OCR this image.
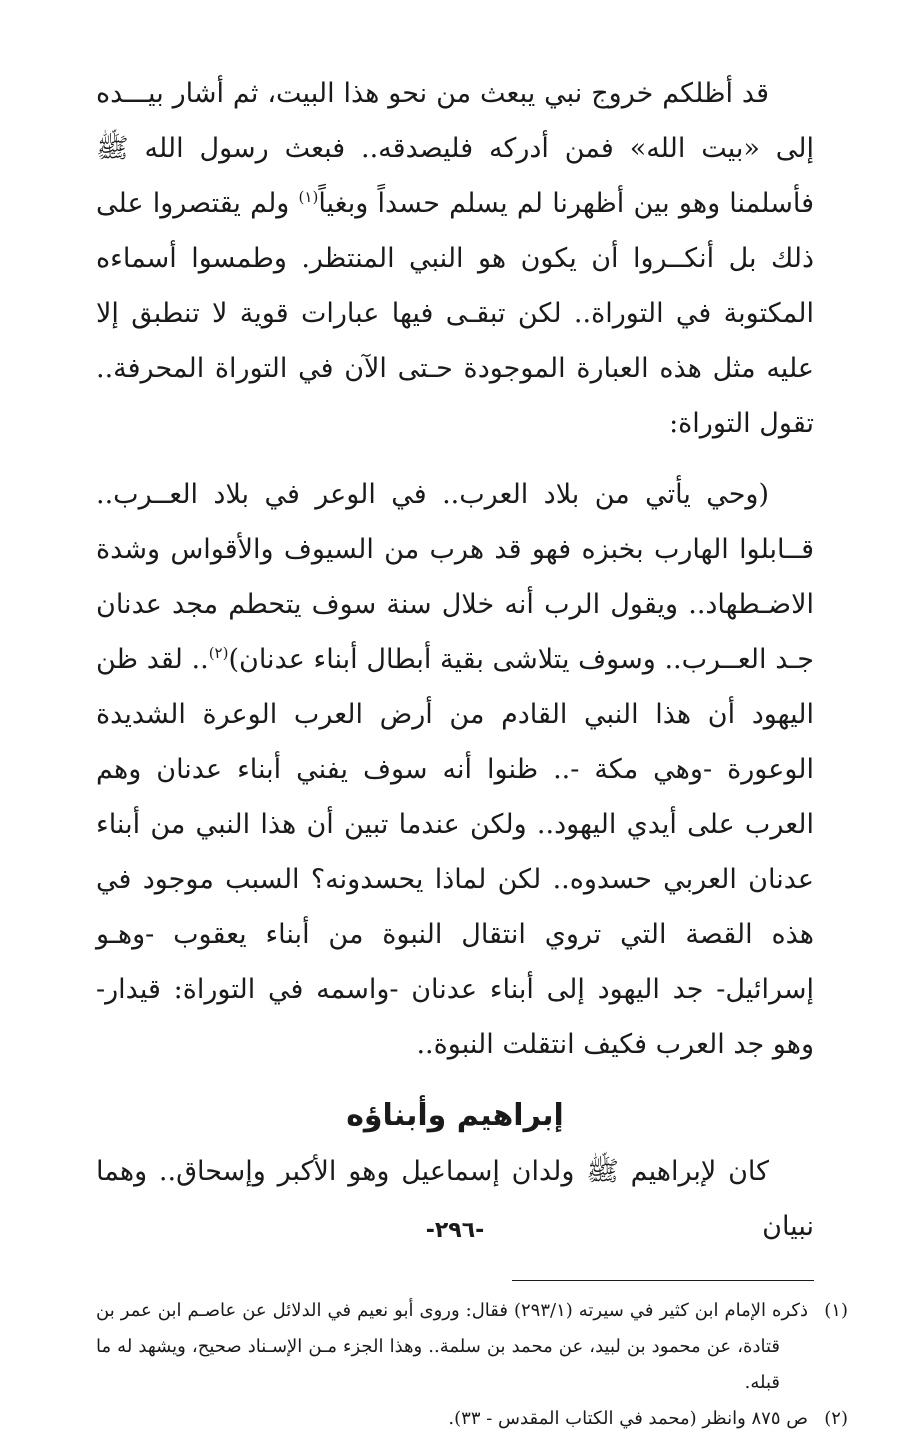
قد أظلكم خروج نبي يبعث من نحو هذا البيت، ثم أشار بيـــده إلى «بيت الله» فمن أدركه فليصدقه.. فبعث رسول الله ﷺ فأسلمنا وهو بين أظهرنا لم يسلم حسداً وبغياً$^{(١)}$ ولم يقتصروا على ذلك بل أنكــروا أن يكون هو النبي المنتظر. وطمسوا أسماءه المكتوبة في التوراة.. لكن تبقـى فيها عبارات قوية لا تنطبق إلا عليه مثل هذه العبارة الموجودة حـتى الآن في التوراة المحرفة.. تقول التوراة:

(وحي يأتي من بلاد العرب.. في الوعر في بلاد العــرب.. قــابلوا الهارب بخبزه فهو قد هرب من السيوف والأقواس وشدة الاضـطهاد.. ويقول الرب أنه خلال سنة سوف يتحطم مجد عدنان جـد العــرب.. وسوف يتلاشى بقية أبطال أبناء عدنان)$^{(٢)}$.. لقد ظن اليهود أن هذا النبي القادم من أرض العرب الوعرة الشديدة الوعورة -وهي مكة -.. ظنوا أنه سوف يفني أبناء عدنان وهم العرب على أيدي اليهود.. ولكن عندما تبين أن هذا النبي من أبناء عدنان العربي حسدوه.. لكن لماذا يحسدونه؟ السبب موجود في هذه القصة التي تروي انتقال النبوة من أبناء يعقوب -وهـو إسرائيل- جد اليهود إلى أبناء عدنان -واسمه في التوراة: قيدار- وهو جد العرب فكيف انتقلت النبوة..

إبراهيم وأبناؤه

كان لإبراهيم ﷺ ولدان إسماعيل وهو الأكبر وإسحاق.. وهما نبيان

(١)ذكره الإمام ابن كثير في سيرته (٢٩٣/١) فقال: وروى أبو نعيم في الدلائل عن عاصـم ابن عمر بن قتادة، عن محمود بن لبيد، عن محمد بن سلمة.. وهذا الجزء مـن الإسـناد صحيح، ويشهد له ما قبله.

(٢)ص ٨٧٥ وانظر (محمد في الكتاب المقدس - ٣٣).

-٢٩٦-
